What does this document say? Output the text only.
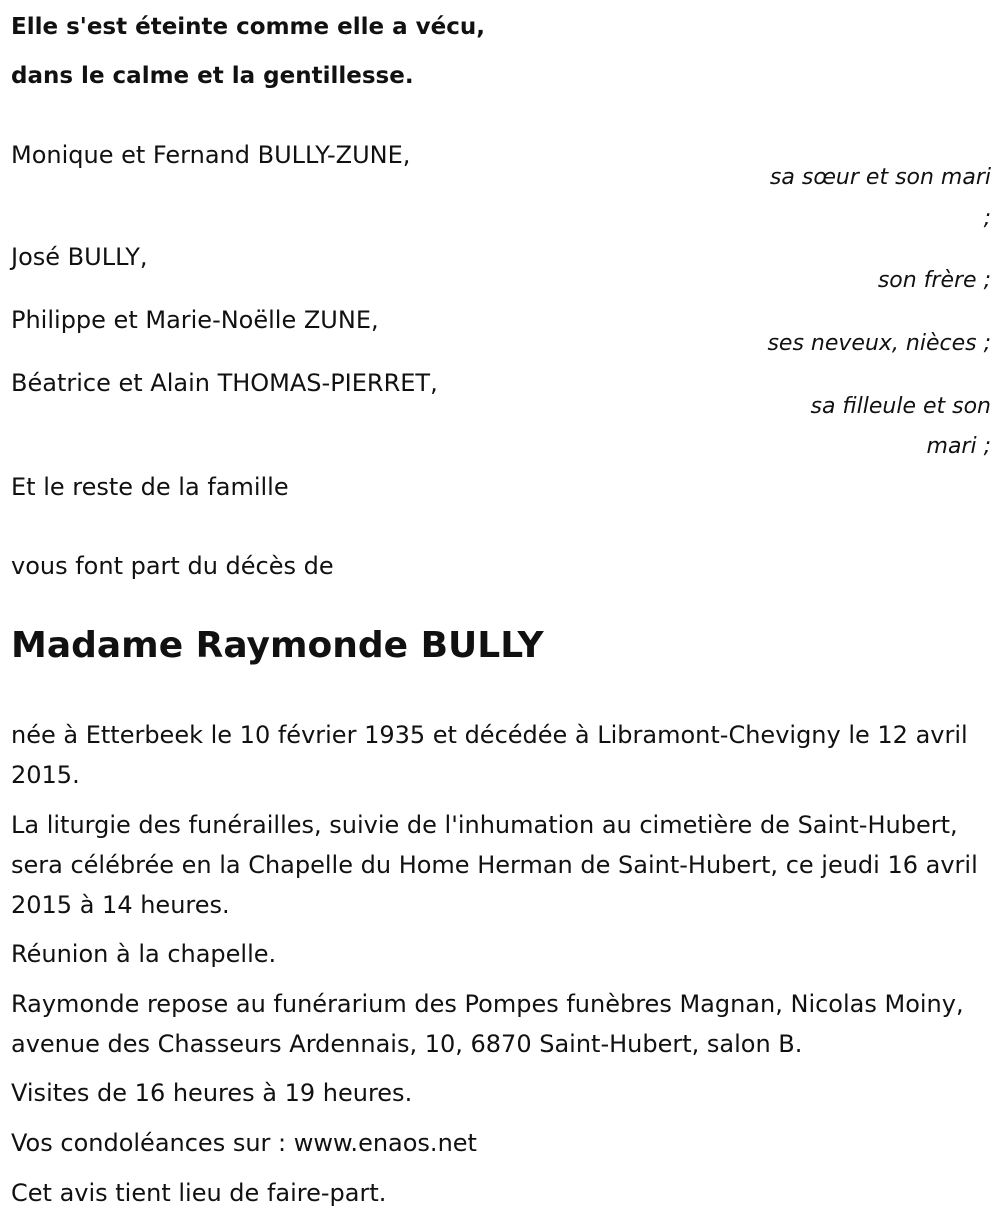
Elle s'est éteinte comme elle a vécu,
dans le calme et la gentillesse.
Monique et Fernand BULLY-ZUNE,
sa sœur et son mari
;
José BULLY,
son frère ;
Philippe et Marie-Noëlle ZUNE,
ses neveux, nièces ;
Béatrice et Alain THOMAS-PIERRET,
sa filleule et son
mari ;
Et le reste de la famille
vous font part du décès de
Madame Raymonde BULLY
née à Etterbeek le 10 février 1935 et décédée à Libramont-Chevigny le 12 avril 2015.
La liturgie des funérailles, suivie de l'inhumation au cimetière de Saint-Hubert, sera célébrée en la Chapelle du Home Herman de Saint-Hubert, ce jeudi 16 avril 2015 à 14 heures.
Réunion à la chapelle.
Raymonde repose au funérarium des Pompes funèbres Magnan, Nicolas Moiny, avenue des Chasseurs Ardennais, 10, 6870 Saint-Hubert, salon B.
Visites de 16 heures à 19 heures.
Vos condoléances sur : www.enaos.net
Cet avis tient lieu de faire-part.
